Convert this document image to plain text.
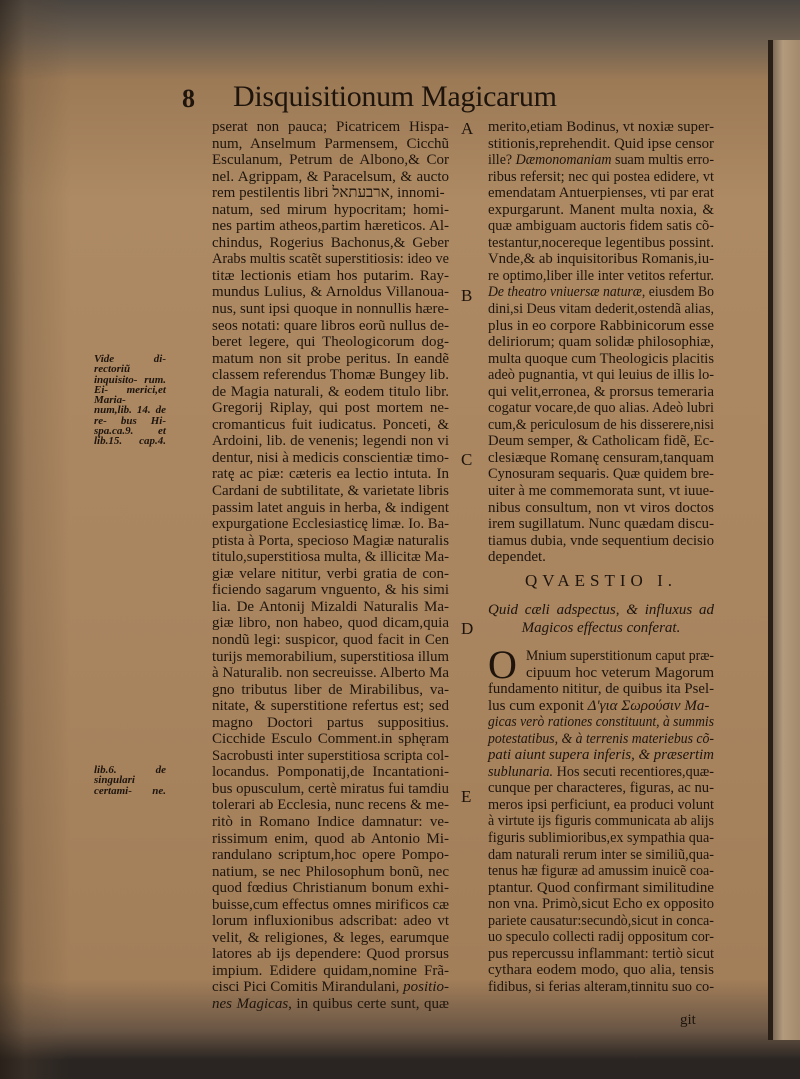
8 Disquisitionum Magicarum
pserat non pauca; Picatricem Hispa-
num, Anselmum Parmensem, Cicchũ
Esculanum, Petrum de Albono,& Cor
nel. Agrippam, & Paracelsum, & aucto
rem pestilentis libri ארבעתאל, innomi-
natum, sed mirum hypocritam; homi-
nes partim atheos,partim hæreticos. Al-
chindus, Rogerius Bachonus,& Geber
Arabs multis scatẽt superstitiosis: ideo ve
titæ lectionis etiam hos putarim. Ray-
mundus Lulius, & Arnoldus Villanoua-
nus, sunt ipsi quoque in nonnullis hære-
seos notati: quare libros eorũ nullus de-
beret legere, qui Theologicorum dog-
matum non sit probe peritus. In eandẽ
classem referendus Thomæ Bungey lib.
de Magia naturali, & eodem titulo libr.
Gregorij Riplay, qui post mortem ne-
cromanticus fuit iudicatus. Ponceti, &
Ardoini, lib. de venenis; legendi non vi
dentur, nisi à medicis conscientiæ timo-
ratę ac piæ: cæteris ea lectio intuta. In
Cardani de subtilitate, & varietate libris
passim latet anguis in herba, & indigent
expurgatione Ecclesiasticę limæ. Io. Ba-
ptista à Porta, specioso Magiæ naturalis
titulo,superstitiosa multa, & illicitæ Ma-
giæ velare nititur, verbi gratia de con-
ficiendo sagarum vnguento, & his simi
lia. De Antonij Mizaldi Naturalis Ma-
giæ libro, non habeo, quod dicam,quia
nondũ legi: suspicor, quod facit in Cen
turijs memorabilium, superstitiosa illum
à Naturalib. non secreuisse. Alberto Ma
gno tributus liber de Mirabilibus, va-
nitate, & superstitione refertus est; sed
magno Doctori partus suppositius.
Cicchide Esculo Comment.in sphęram
Sacrobusti inter superstitiosa scripta col-
locandus. Pomponatij,de Incantationi-
bus opusculum, certè miratus fui tamdiu
tolerari ab Ecclesia, nunc recens & me-
ritò in Romano Indice damnatur: ve-
rissimum enim, quod ab Antonio Mi-
randulano scriptum,hoc opere Pompo-
natium, se nec Philosophum bonũ, nec
quod fœdius Christianum bonum exhi-
buisse,cum effectus omnes mirificos cæ
lorum influxionibus adscribat: adeo vt
velit, & religiones, & leges, earumque
latores ab ijs dependere: Quod prorsus
impium. Edidere quidam,nomine Frã-
cisci Pici Comitis Mirandulani, positio-
nes Magicas, in quibus certe sunt, quæ
merito,etiam Bodinus, vt noxiæ super-
stitionis,reprehendit. Quid ipse censor
ille? Dæmonomaniam suam multis erro-
ribus refersit; nec qui postea edidere, vt
emendatam Antuerpienses, vti par erat
expurgarunt. Manent multa noxia, &
quæ ambiguam auctoris fidem satis cõ-
testantur,nocereque legentibus possint.
Vnde,& ab inquisitoribus Romanis,iu-
re optimo,liber ille inter vetitos refertur.
De theatro vniuersæ naturæ, eiusdem Bo
dini,si Deus vitam dederit,ostendã alias,
plus in eo corpore Rabbinicorum esse
deliriorum; quam solidæ philosophiæ,
multa quoque cum Theologicis placitis
adeò pugnantia, vt qui leuius de illis lo-
qui velit,erronea, & prorsus temeraria
cogatur vocare,de quo alias. Adeò lubri
cum,& periculosum de his disserere,nisi
Deum semper, & Catholicam fidẽ, Ec-
clesiæque Romanę censuram,tanquam
Cynosuram sequaris. Quæ quidem bre-
uiter à me commemorata sunt, vt iuue-
nibus consultum, non vt viros doctos
irem sugillatum. Nunc quædam discu-
tiamus dubia, vnde sequentium decisio
dependet.
A
B
C
D
E
Vide di- rectoriũ inquisito- rum. Ei- merici,et Maria- num,lib. 14. de re- bus Hi- spa.ca.9. et lib.15. cap.4.
lib.6. de singulari certami- ne.
QVAESTIO I.
Quid cæli adspectus, & influxus ad
Magicos effectus conferat.
O Mnium superstitionum caput præ-
cipuum hoc veterum Magorum
fundamento nititur, de quibus ita Psel-
lus cum exponit Δ'για Σωρούσιν Ma-
gicas verò rationes constituunt, à summis
potestatibus, & à terrenis materiebus cõ-
pati aiunt supera inferis, & præsertim
sublunaria. Hos secuti recentiores,quæ-
cunque per characteres, figuras, ac nu-
meros ipsi perficiunt, ea produci volunt
à virtute ijs figuris communicata ab alijs
figuris sublimioribus,ex sympathia qua-
dam naturali rerum inter se similiũ,qua-
tenus hæ figuræ ad amussim inuicẽ coa-
ptantur. Quod confirmant similitudine
non vna. Primò,sicut Echo ex opposito
pariete causatur:secundò,sicut in conca-
uo speculo collecti radij oppositum cor-
pus repercussu inflammant: tertiò sicut
cythara eodem modo, quo alia, tensis
fidibus, si ferias alteram,tinnitu suo co-
git
